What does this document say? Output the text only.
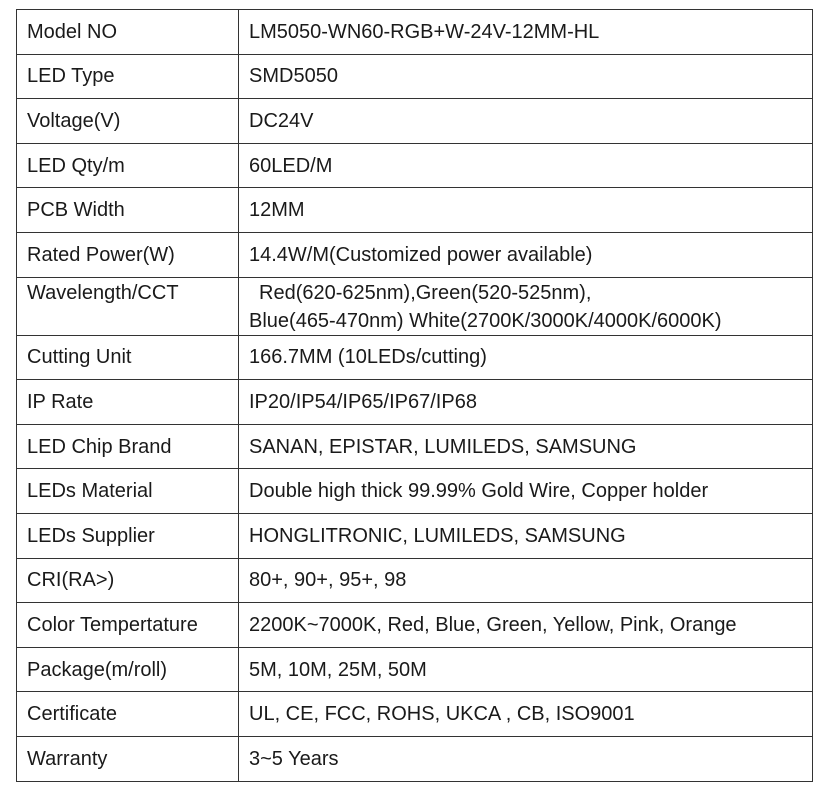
Model NO	LM5050-WN60-RGB+W-24V-12MM-HL
LED Type	SMD5050
Voltage(V)	DC24V
LED Qty/m	60LED/M
PCB Width	12MM
Rated Power(W)	14.4W/M(Customized power available)
Wavelength/CCT	Red(620-625nm),Green(520-525nm),
Blue(465-470nm) White(2700K/3000K/4000K/6000K)

Cutting Unit	166.7MM (10LEDs/cutting)
IP Rate	IP20/IP54/IP65/IP67/IP68
LED Chip Brand	SANAN, EPISTAR, LUMILEDS, SAMSUNG
LEDs Material	Double high thick 99.99% Gold Wire, Copper holder
LEDs Supplier	HONGLITRONIC, LUMILEDS, SAMSUNG
CRI(RA>)	80+, 90+, 95+, 98
Color Tempertature	2200K~7000K, Red, Blue, Green, Yellow, Pink, Orange
Package(m/roll)	5M, 10M, 25M, 50M
Certificate	UL, CE, FCC, ROHS, UKCA , CB, ISO9001
Warranty	3~5 Years
